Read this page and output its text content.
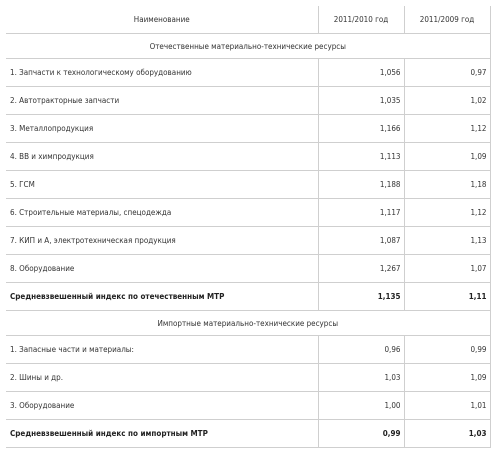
Наименование	2011/2010 год	2011/2009 год
Отечественные материально-технические ресурсы		
1. Запчасти к технологическому оборудованию	1,056	0,97
2. Автотракторные запчасти	1,035	1,02
3. Металлопродукция	1,166	1,12
4. ВВ и химпродукция	1,113	1,09
5. ГСМ	1,188	1,18
6. Строительные материалы, спецодежда	1,117	1,12
7. КИП и А, электротехническая продукция	1,087	1,13
8. Оборудование	1,267	1,07
Средневзвешенный индекс по отечественным МТР	1,135	1,11
Импортные материально-технические ресурсы		
1. Запасные части и материалы:	0,96	0,99
2. Шины и др.	1,03	1,09
3. Оборудование	1,00	1,01
Средневзвешенный индекс по импортным МТР	0,99	1,03
